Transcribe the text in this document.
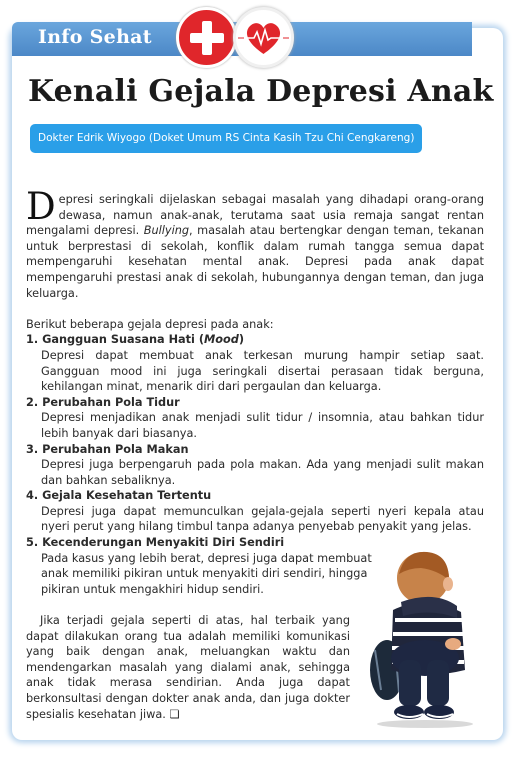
Info Sehat
Kenali Gejala Depresi Anak
Dokter Edrik Wiyogo (Doket Umum RS Cinta Kasih Tzu Chi Cengkareng)

Depresi seringkali dijelaskan sebagai masalah yang dihadapi orang-orang dewasa, namun anak-anak, terutama saat usia remaja sangat rentan mengalami depresi. Bullying, masalah atau bertengkar dengan teman, tekanan untuk berprestasi di sekolah, konflik dalam rumah tangga semua dapat mempengaruhi kesehatan mental anak. Depresi pada anak dapat mempengaruhi prestasi anak di sekolah, hubungannya dengan teman, dan juga keluarga.

Berikut beberapa gejala depresi pada anak:

1. Gangguan Suasana Hati (Mood)

Depresi dapat membuat anak terkesan murung hampir setiap saat. Gangguan mood ini juga seringkali disertai perasaan tidak berguna, kehilangan minat, menarik diri dari pergaulan dan keluarga.

2. Perubahan Pola Tidur

Depresi menjadikan anak menjadi sulit tidur / insomnia, atau bahkan tidur lebih banyak dari biasanya.

3. Perubahan Pola Makan

Depresi juga berpengaruh pada pola makan. Ada yang menjadi sulit makan dan bahkan sebaliknya.

4. Gejala Kesehatan Tertentu

Depresi juga dapat memunculkan gejala-gejala seperti nyeri kepala atau nyeri perut yang hilang timbul tanpa adanya penyebab penyakit yang jelas.

5. Kecenderungan Menyakiti Diri Sendiri

Pada kasus yang lebih berat, depresi juga dapat membuat anak memiliki pikiran untuk menyakiti diri sendiri, hingga pikiran untuk mengakhiri hidup sendiri.

Jika terjadi gejala seperti di atas, hal terbaik yang dapat dilakukan orang tua adalah memiliki komunikasi yang baik dengan anak, meluangkan waktu dan mendengarkan masalah yang dialami anak, sehingga anak tidak merasa sendirian. Anda juga dapat berkonsultasi dengan dokter anak anda, dan juga dokter spesialis kesehatan jiwa. ❏
